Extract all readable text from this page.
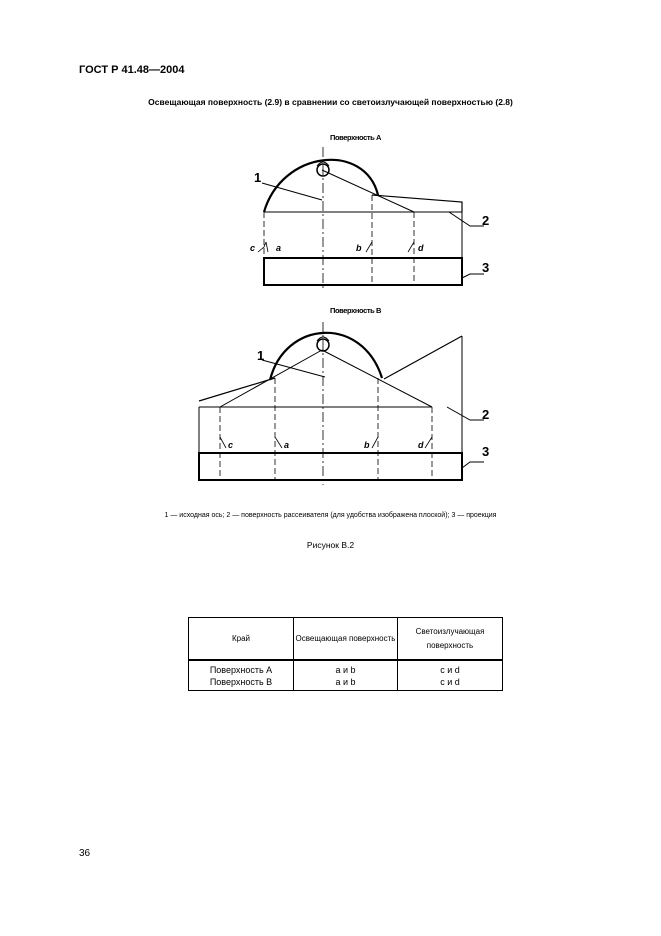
ГОСТ Р 41.48—2004
Освещающая поверхность (2.9) в сравнении со светоизлучающей поверхностью (2.8)
Поверхность A
Поверхность B
1
2
3
c a	b	d
1
2
3
c	a	b	d
1 — исходная ось; 2 — поверхность рассеивателя (для удобства изображена плоской); 3 — проекция
Рисунок В.2
Край	Освещающая поверхность	Светоизлучающая поверхность
Поверхность A	a и b	c и d
Поверхность B	a и b	c и d
36
